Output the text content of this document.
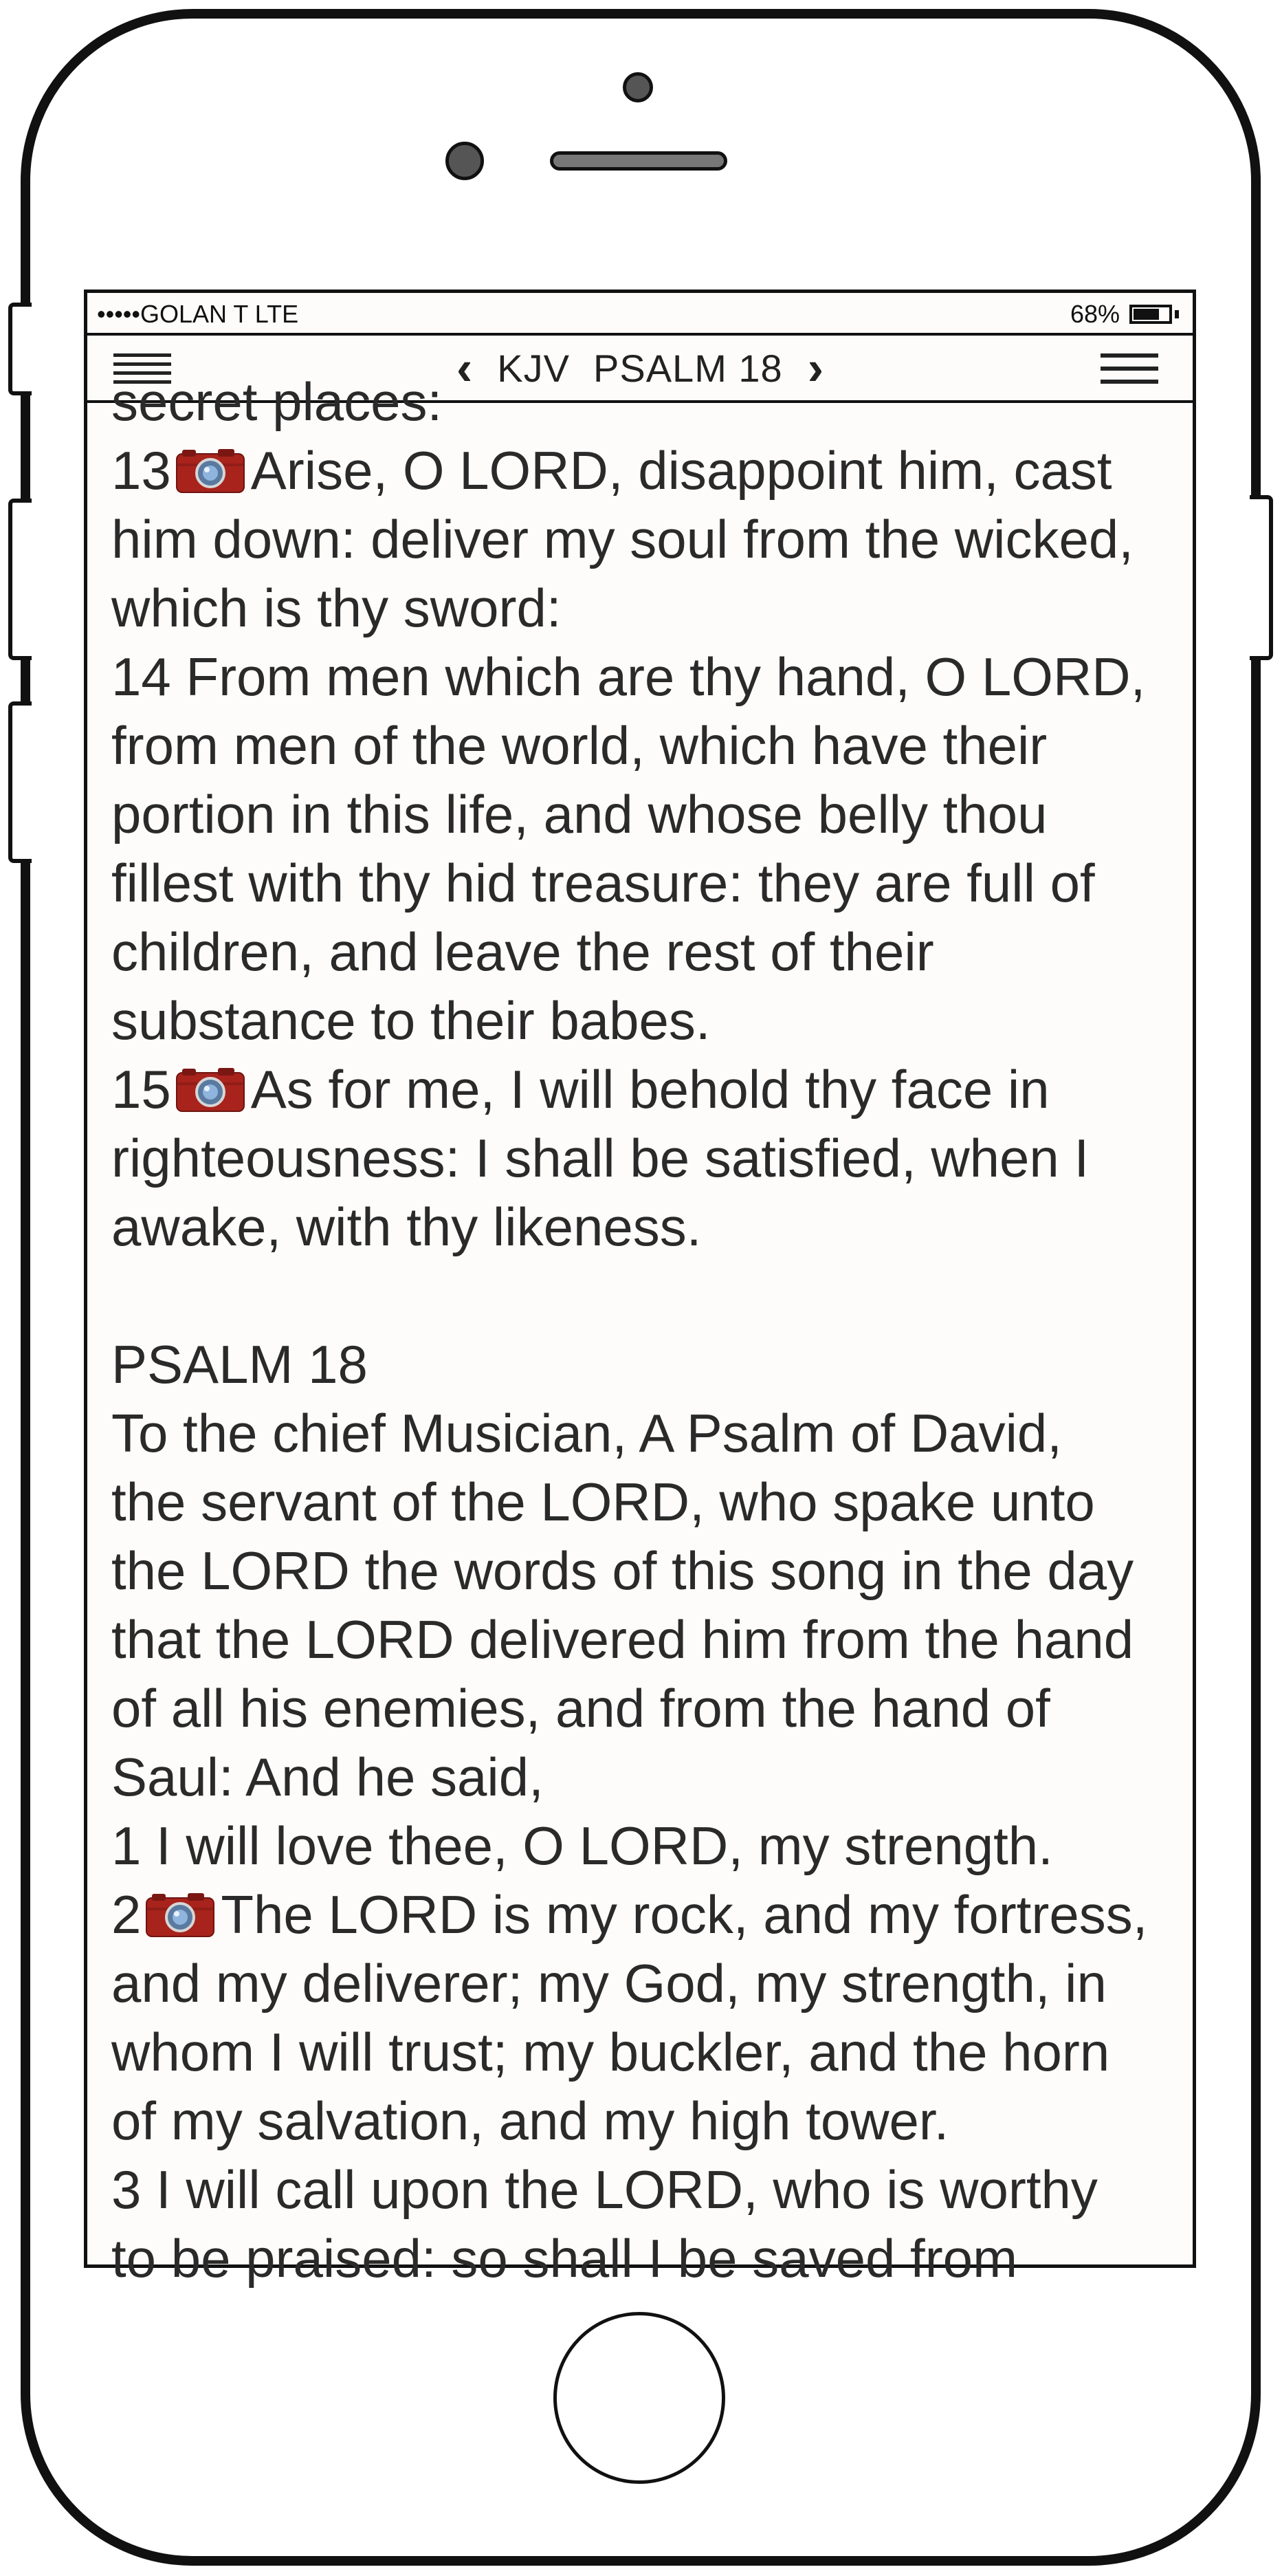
•••••GOLAN T LTE	68%
‹ KJV PSALM 18 ›

secret places:

13 Arise, O LORD, disappoint him, cast

him down: deliver my soul from the wicked,

which is thy sword:

14 From men which are thy hand, O LORD,

from men of the world, which have their

portion in this life, and whose belly thou

fillest with thy hid treasure: they are full of

children, and leave the rest of their

substance to their babes.

15 As for me, I will behold thy face in

righteousness: I shall be satisfied, when I

awake, with thy likeness.

PSALM 18

To the chief Musician, A Psalm of David,

the servant of the LORD, who spake unto

the LORD the words of this song in the day

that the LORD delivered him from the hand

of all his enemies, and from the hand of

Saul: And he said,

1 I will love thee, O LORD, my strength.

2 The LORD is my rock, and my fortress,

and my deliverer; my God, my strength, in

whom I will trust; my buckler, and the horn

of my salvation, and my high tower.

3 I will call upon the LORD, who is worthy

to be praised: so shall I be saved from
